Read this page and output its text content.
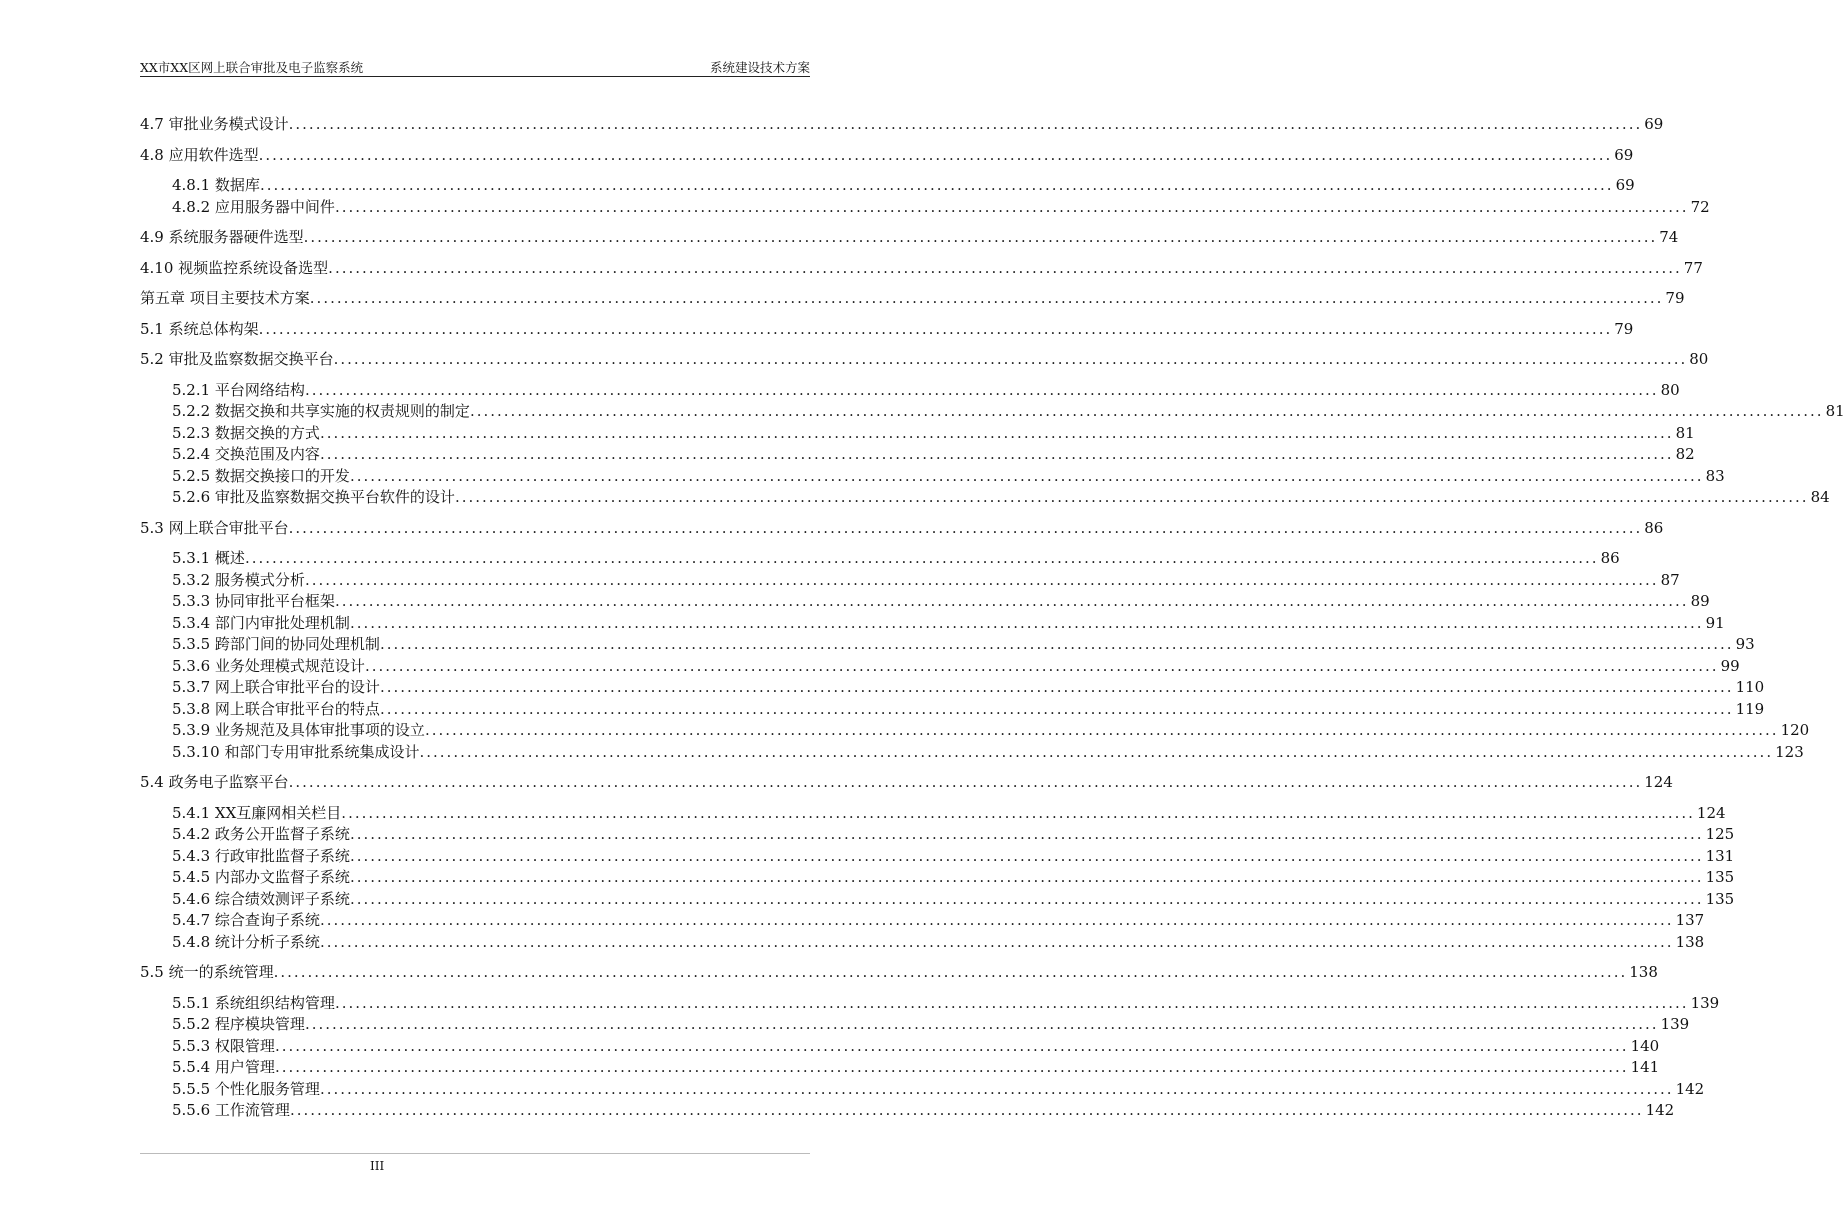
XX市XX区网上联合审批及电子监察系统	系统建设技术方案
4.7 审批业务模式设计 ........................................................................................................................................................................................................ 69
4.8 应用软件选型 ........................................................................................................................................................................................................ 69
4.8.1 数据库 ........................................................................................................................................................................................................ 69
4.8.2 应用服务器中间件 ........................................................................................................................................................................................................ 72
4.9 系统服务器硬件选型 ........................................................................................................................................................................................................ 74
4.10 视频监控系统设备选型 ........................................................................................................................................................................................................ 77
第五章 项目主要技术方案 ........................................................................................................................................................................................................ 79
5.1 系统总体构架 ........................................................................................................................................................................................................ 79
5.2 审批及监察数据交换平台 ........................................................................................................................................................................................................ 80
5.2.1 平台网络结构 ........................................................................................................................................................................................................ 80
5.2.2 数据交换和共享实施的权责规则的制定 ........................................................................................................................................................................................................ 81
5.2.3 数据交换的方式 ........................................................................................................................................................................................................ 81
5.2.4 交换范围及内容 ........................................................................................................................................................................................................ 82
5.2.5 数据交换接口的开发 ........................................................................................................................................................................................................ 83
5.2.6 审批及监察数据交换平台软件的设计 ........................................................................................................................................................................................................ 84
5.3 网上联合审批平台 ........................................................................................................................................................................................................ 86
5.3.1 概述 ........................................................................................................................................................................................................ 86
5.3.2 服务模式分析 ........................................................................................................................................................................................................ 87
5.3.3 协同审批平台框架 ........................................................................................................................................................................................................ 89
5.3.4 部门内审批处理机制 ........................................................................................................................................................................................................ 91
5.3.5 跨部门间的协同处理机制 ........................................................................................................................................................................................................ 93
5.3.6 业务处理模式规范设计 ........................................................................................................................................................................................................ 99
5.3.7 网上联合审批平台的设计 ........................................................................................................................................................................................................ 110
5.3.8 网上联合审批平台的特点 ........................................................................................................................................................................................................ 119
5.3.9 业务规范及具体审批事项的设立 ........................................................................................................................................................................................................ 120
5.3.10 和部门专用审批系统集成设计 ........................................................................................................................................................................................................ 123
5.4 政务电子监察平台 ........................................................................................................................................................................................................ 124
5.4.1 XX互廉网相关栏目 ........................................................................................................................................................................................................ 124
5.4.2 政务公开监督子系统 ........................................................................................................................................................................................................ 125
5.4.3 行政审批监督子系统 ........................................................................................................................................................................................................ 131
5.4.5 内部办文监督子系统 ........................................................................................................................................................................................................ 135
5.4.6 综合绩效测评子系统 ........................................................................................................................................................................................................ 135
5.4.7 综合查询子系统 ........................................................................................................................................................................................................ 137
5.4.8 统计分析子系统 ........................................................................................................................................................................................................ 138
5.5 统一的系统管理 ........................................................................................................................................................................................................ 138
5.5.1 系统组织结构管理 ........................................................................................................................................................................................................ 139
5.5.2 程序模块管理 ........................................................................................................................................................................................................ 139
5.5.3 权限管理 ........................................................................................................................................................................................................ 140
5.5.4 用户管理 ........................................................................................................................................................................................................ 141
5.5.5 个性化服务管理 ........................................................................................................................................................................................................ 142
5.5.6 工作流管理 ........................................................................................................................................................................................................ 142
III
